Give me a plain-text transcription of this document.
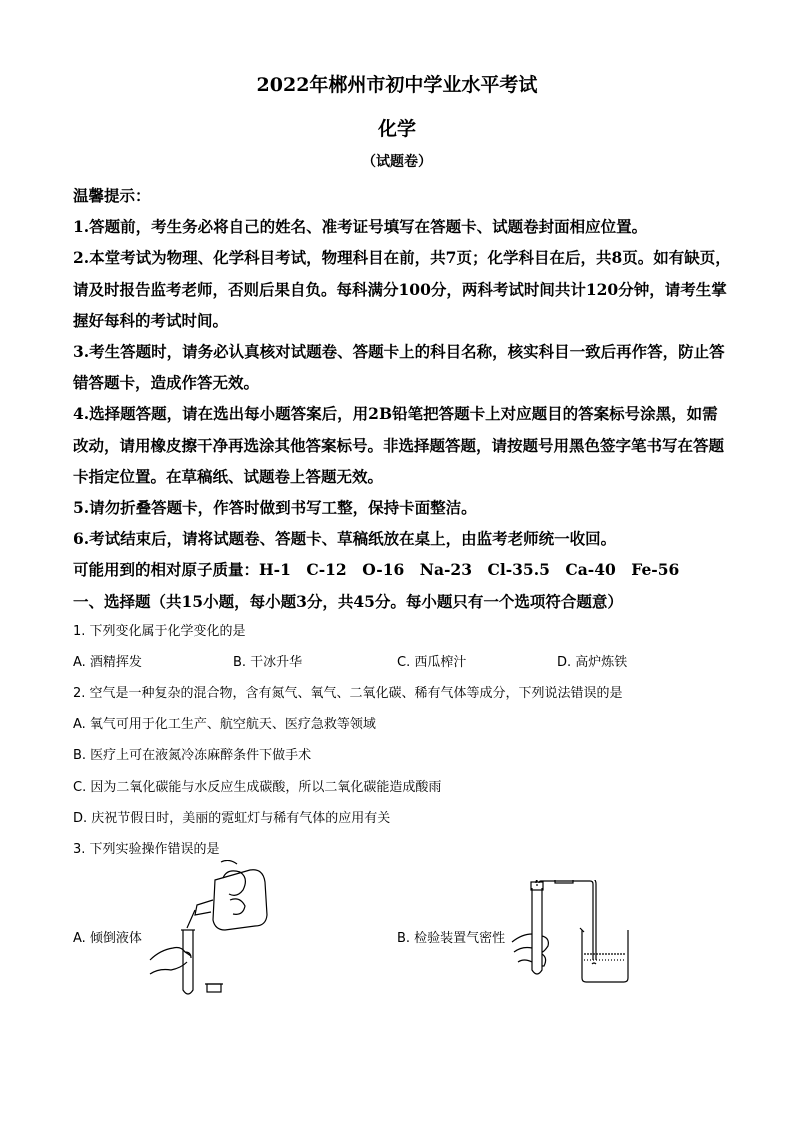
2022年郴州市初中学业水平考试
化学
（试题卷）

温馨提示：

1.答题前，考生务必将自己的姓名、准考证号填写在答题卡、试题卷封面相应位置。

2.本堂考试为物理、化学科目考试，物理科目在前，共7页；化学科目在后，共8页。如有缺页，请及时报告监考老师，否则后果自负。每科满分100分，两科考试时间共计120分钟，请考生掌握好每科的考试时间。

3.考生答题时，请务必认真核对试题卷、答题卡上的科目名称，核实科目一致后再作答，防止答错答题卡，造成作答无效。

4.选择题答题，请在选出每小题答案后，用2B铅笔把答题卡上对应题目的答案标号涂黑，如需改动，请用橡皮擦干净再选涂其他答案标号。非选择题答题，请按题号用黑色签字笔书写在答题卡指定位置。在草稿纸、试题卷上答题无效。

5.请勿折叠答题卡，作答时做到书写工整，保持卡面整洁。

6.考试结束后，请将试题卷、答题卡、草稿纸放在桌上，由监考老师统一收回。

可能用到的相对原子质量：H-1　C-12　O-16　Na-23　Cl-35.5　Ca-40　Fe-56

一、选择题（共15小题，每小题3分，共45分。每小题只有一个选项符合题意）

1. 下列变化属于化学变化的是
A. 酒精挥发	B. 干冰升华	C. 西瓜榨汁	D. 高炉炼铁
2. 空气是一种复杂的混合物，含有氮气、氧气、二氧化碳、稀有气体等成分，下列说法错误的是
A. 氧气可用于化工生产、航空航天、医疗急救等领域
B. 医疗上可在液氮冷冻麻醉条件下做手术
C. 因为二氧化碳能与水反应生成碳酸，所以二氧化碳能造成酸雨
D. 庆祝节假日时，美丽的霓虹灯与稀有气体的应用有关
3. 下列实验操作错误的是
A. 倾倒液体	B. 检验装置气密性
